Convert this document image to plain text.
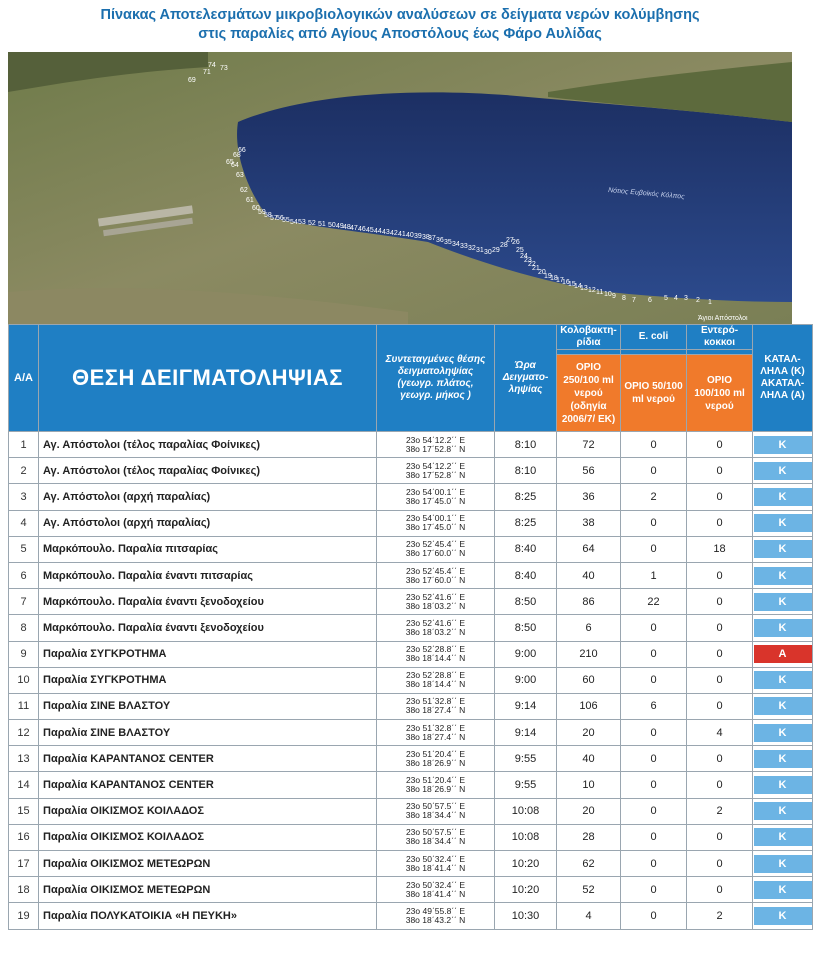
Πίνακας Αποτελεσμάτων μικροβιολογικών αναλύσεων σε δείγματα νερών κολύμβησης
στις παραλίες από Αγίους Αποστόλους έως Φάρο Αυλίδας
Νότιος Ευβοϊκός Κόλπος
Άγιοι Απόστολοι
74 73
71
69
68
66
65
64
63
62
61
60
59
58
57
56
55 54 53 52 51 50 49 48 47 46 45 44 43 42 41 40 39 38
37 36 35 34 33 32 31 30 29
28
27
26
25
24
23
22
21
20
19
18
17
16
15
14
13 12 11 10 9 8 7 6 5 4 3 2 1
Α/Α	ΘΕΣΗ ΔΕΙΓΜΑΤΟΛΗΨΙΑΣ	Συντεταγμένες θέσης δειγματοληψίας (γεωγρ. πλάτος, γεωγρ. μήκος )	Ώρα Δειγματο-ληψίας	Κολοβακτη-ρίδια	E. coli	Εντερό-κοκκοι	ΚΑΤΑΛ-ΛΗΛΑ (Κ) ΑΚΑΤΑΛ-ΛΗΛΑ (Α)

				ΟΡΙΟ 250/100 ml νερού (οδηγία 2006/7/ ΕΚ)	ΟΡΙΟ 50/100 ml νερού	ΟΡΙΟ 100/100 ml νερού	
1	Αγ. Απόστολοι (τέλος παραλίας Φοίνικες)	23ο 54΄12.2΄΄ E
38ο 17΄52.8΄΄ N	8:10	72	0	0	Κ

2	Αγ. Απόστολοι (τέλος παραλίας Φοίνικες)	23ο 54΄12.2΄΄ E
38ο 17΄52.8΄΄ N	8:10	56	0	0	Κ

3	Αγ. Απόστολοι (αρχή παραλίας)	23ο 54΄00.1΄΄ E
38ο 17΄45.0΄΄ N	8:25	36	2	0	Κ

4	Αγ. Απόστολοι (αρχή παραλίας)	23ο 54΄00.1΄΄ E
38ο 17΄45.0΄΄ N	8:25	38	0	0	Κ

5	Μαρκόπουλο. Παραλία πιτσαρίας	23ο 52΄45.4΄΄ E
38ο 17΄60.0΄΄ N	8:40	64	0	18	Κ

6	Μαρκόπουλο. Παραλία έναντι πιτσαρίας	23ο 52΄45.4΄΄ E
38ο 17΄60.0΄΄ N	8:40	40	1	0	Κ

7	Μαρκόπουλο. Παραλία έναντι ξενοδοχείου	23ο 52΄41.6΄΄ E
38ο 18΄03.2΄΄ N	8:50	86	22	0	Κ

8	Μαρκόπουλο. Παραλία έναντι ξενοδοχείου	23ο 52΄41.6΄΄ E
38ο 18΄03.2΄΄ N	8:50	6	0	0	Κ

9	Παραλία ΣΥΓΚΡΟΤΗΜΑ	23ο 52΄28.8΄΄ E
38ο 18΄14.4΄΄ N	9:00	210	0	0	Α

10	Παραλία ΣΥΓΚΡΟΤΗΜΑ	23ο 52΄28.8΄΄ E
38ο 18΄14.4΄΄ N	9:00	60	0	0	Κ

11	Παραλία ΣΙΝΕ ΒΛΑΣΤΟΥ	23ο 51΄32.8΄΄ E
38ο 18΄27.4΄΄ N	9:14	106	6	0	Κ

12	Παραλία ΣΙΝΕ ΒΛΑΣΤΟΥ	23ο 51΄32.8΄΄ E
38ο 18΄27.4΄΄ N	9:14	20	0	4	Κ

13	Παραλία ΚΑΡΑΝΤΑΝΟΣ CENTER	23ο 51΄20.4΄΄ E
38ο 18΄26.9΄΄ N	9:55	40	0	0	Κ

14	Παραλία ΚΑΡΑΝΤΑΝΟΣ CENTER	23ο 51΄20.4΄΄ E
38ο 18΄26.9΄΄ N	9:55	10	0	0	Κ

15	Παραλία ΟΙΚΙΣΜΟΣ ΚΟΙΛΑΔΟΣ	23ο 50΄57.5΄΄ E
38ο 18΄34.4΄΄ N	10:08	20	0	2	Κ

16	Παραλία ΟΙΚΙΣΜΟΣ ΚΟΙΛΑΔΟΣ	23ο 50΄57.5΄΄ E
38ο 18΄34.4΄΄ N	10:08	28	0	0	Κ

17	Παραλία ΟΙΚΙΣΜΟΣ ΜΕΤΕΩΡΩΝ	23ο 50΄32.4΄΄ E
38ο 18΄41.4΄΄ N	10:20	62	0	0	Κ

18	Παραλία ΟΙΚΙΣΜΟΣ ΜΕΤΕΩΡΩΝ	23ο 50΄32.4΄΄ E
38ο 18΄41.4΄΄ N	10:20	52	0	0	Κ

19	Παραλία ΠΟΛΥΚΑΤΟΙΚΙΑ «Η ΠΕΥΚΗ»	23ο 49΄55.8΄΄ E
38ο 18΄43.2΄΄ N	10:30	4	0	2	Κ
